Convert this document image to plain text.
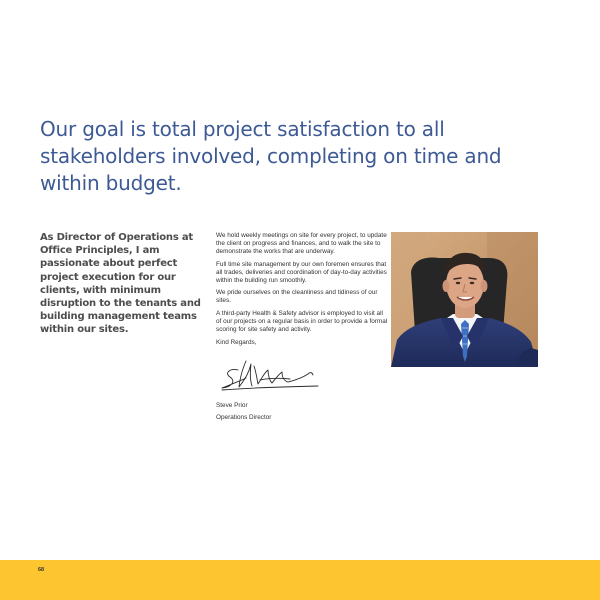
Our goal is total project satisfaction to all stakeholders involved, completing on time and within budget.

As Director of Operations at Office Principles, I am passionate about perfect project execution for our clients, with minimum disruption to the tenants and building management teams within our sites.

We hold weekly meetings on site for every project, to update the client on progress and finances, and to walk the site to demonstrate the works that are underway.

Full time site management by our own foremen ensures that all trades, deliveries and coordination of day-to-day activities within the building run smoothly.

We pride ourselves on the cleanliness and tidiness of our sites.

A third-party Health & Safety advisor is employed to visit all of our projects on a regular basis in order to provide a formal scoring for site safety and activity.

Kind Regards,

Steve Prior

Operations Director

68
